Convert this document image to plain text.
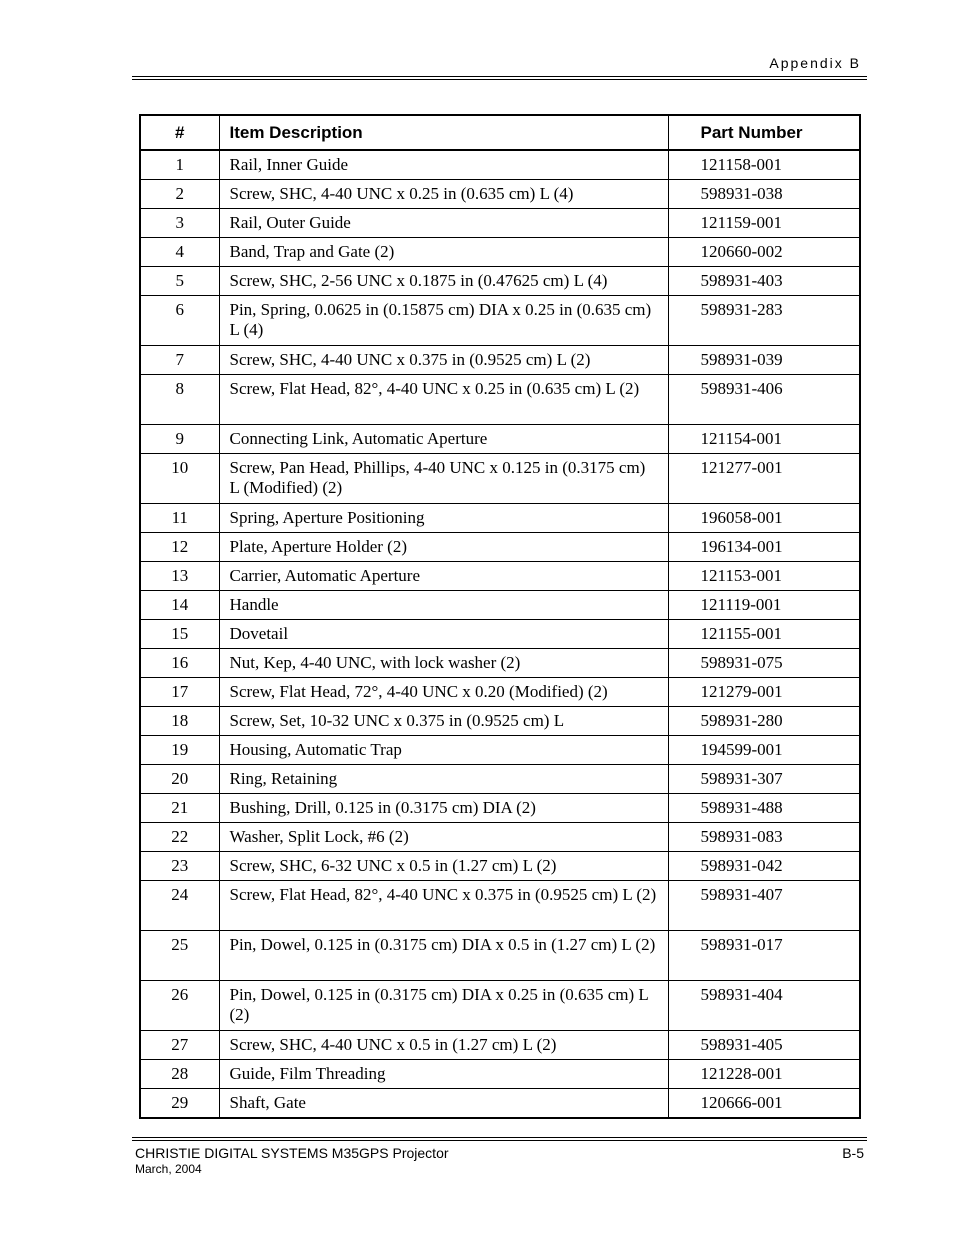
Appendix B
#	Item Description	Part Number
1	Rail, Inner Guide	121158-001
2	Screw, SHC, 4-40 UNC x 0.25 in (0.635 cm) L (4)	598931-038
3	Rail, Outer Guide	121159-001
4	Band, Trap and Gate (2)	120660-002
5	Screw, SHC, 2-56 UNC x 0.1875 in (0.47625 cm) L (4)	598931-403
6	Pin, Spring, 0.0625 in (0.15875 cm) DIA x 0.25 in (0.635 cm) L (4)	598931-283
7	Screw, SHC, 4-40 UNC x 0.375 in (0.9525 cm) L (2)	598931-039
8	Screw, Flat Head, 82°, 4-40 UNC x 0.25 in (0.635 cm) L (2)	598931-406
9	Connecting Link, Automatic Aperture	121154-001
10	Screw, Pan Head, Phillips, 4-40 UNC x 0.125 in (0.3175 cm) L (Modified) (2)	121277-001
11	Spring, Aperture Positioning	196058-001
12	Plate, Aperture Holder (2)	196134-001
13	Carrier, Automatic Aperture	121153-001
14	Handle	121119-001
15	Dovetail	121155-001
16	Nut, Kep, 4-40 UNC, with lock washer (2)	598931-075
17	Screw, Flat Head, 72°, 4-40 UNC x 0.20 (Modified) (2)	121279-001
18	Screw, Set, 10-32 UNC x 0.375 in (0.9525 cm) L	598931-280
19	Housing, Automatic Trap	194599-001
20	Ring, Retaining	598931-307
21	Bushing, Drill, 0.125 in (0.3175 cm) DIA (2)	598931-488
22	Washer, Split Lock, #6 (2)	598931-083
23	Screw, SHC, 6-32 UNC x 0.5 in (1.27 cm) L (2)	598931-042
24	Screw, Flat Head, 82°, 4-40 UNC x 0.375 in (0.9525 cm) L (2)	598931-407
25	Pin, Dowel, 0.125 in (0.3175 cm) DIA x 0.5 in (1.27 cm) L (2)	598931-017
26	Pin, Dowel, 0.125 in (0.3175 cm) DIA x 0.25 in (0.635 cm) L (2)	598931-404
27	Screw, SHC, 4-40 UNC x 0.5 in (1.27 cm) L (2)	598931-405
28	Guide, Film Threading	121228-001
29	Shaft, Gate	120666-001
CHRISTIE DIGITAL SYSTEMS M35GPS Projector
March, 2004
B-5
